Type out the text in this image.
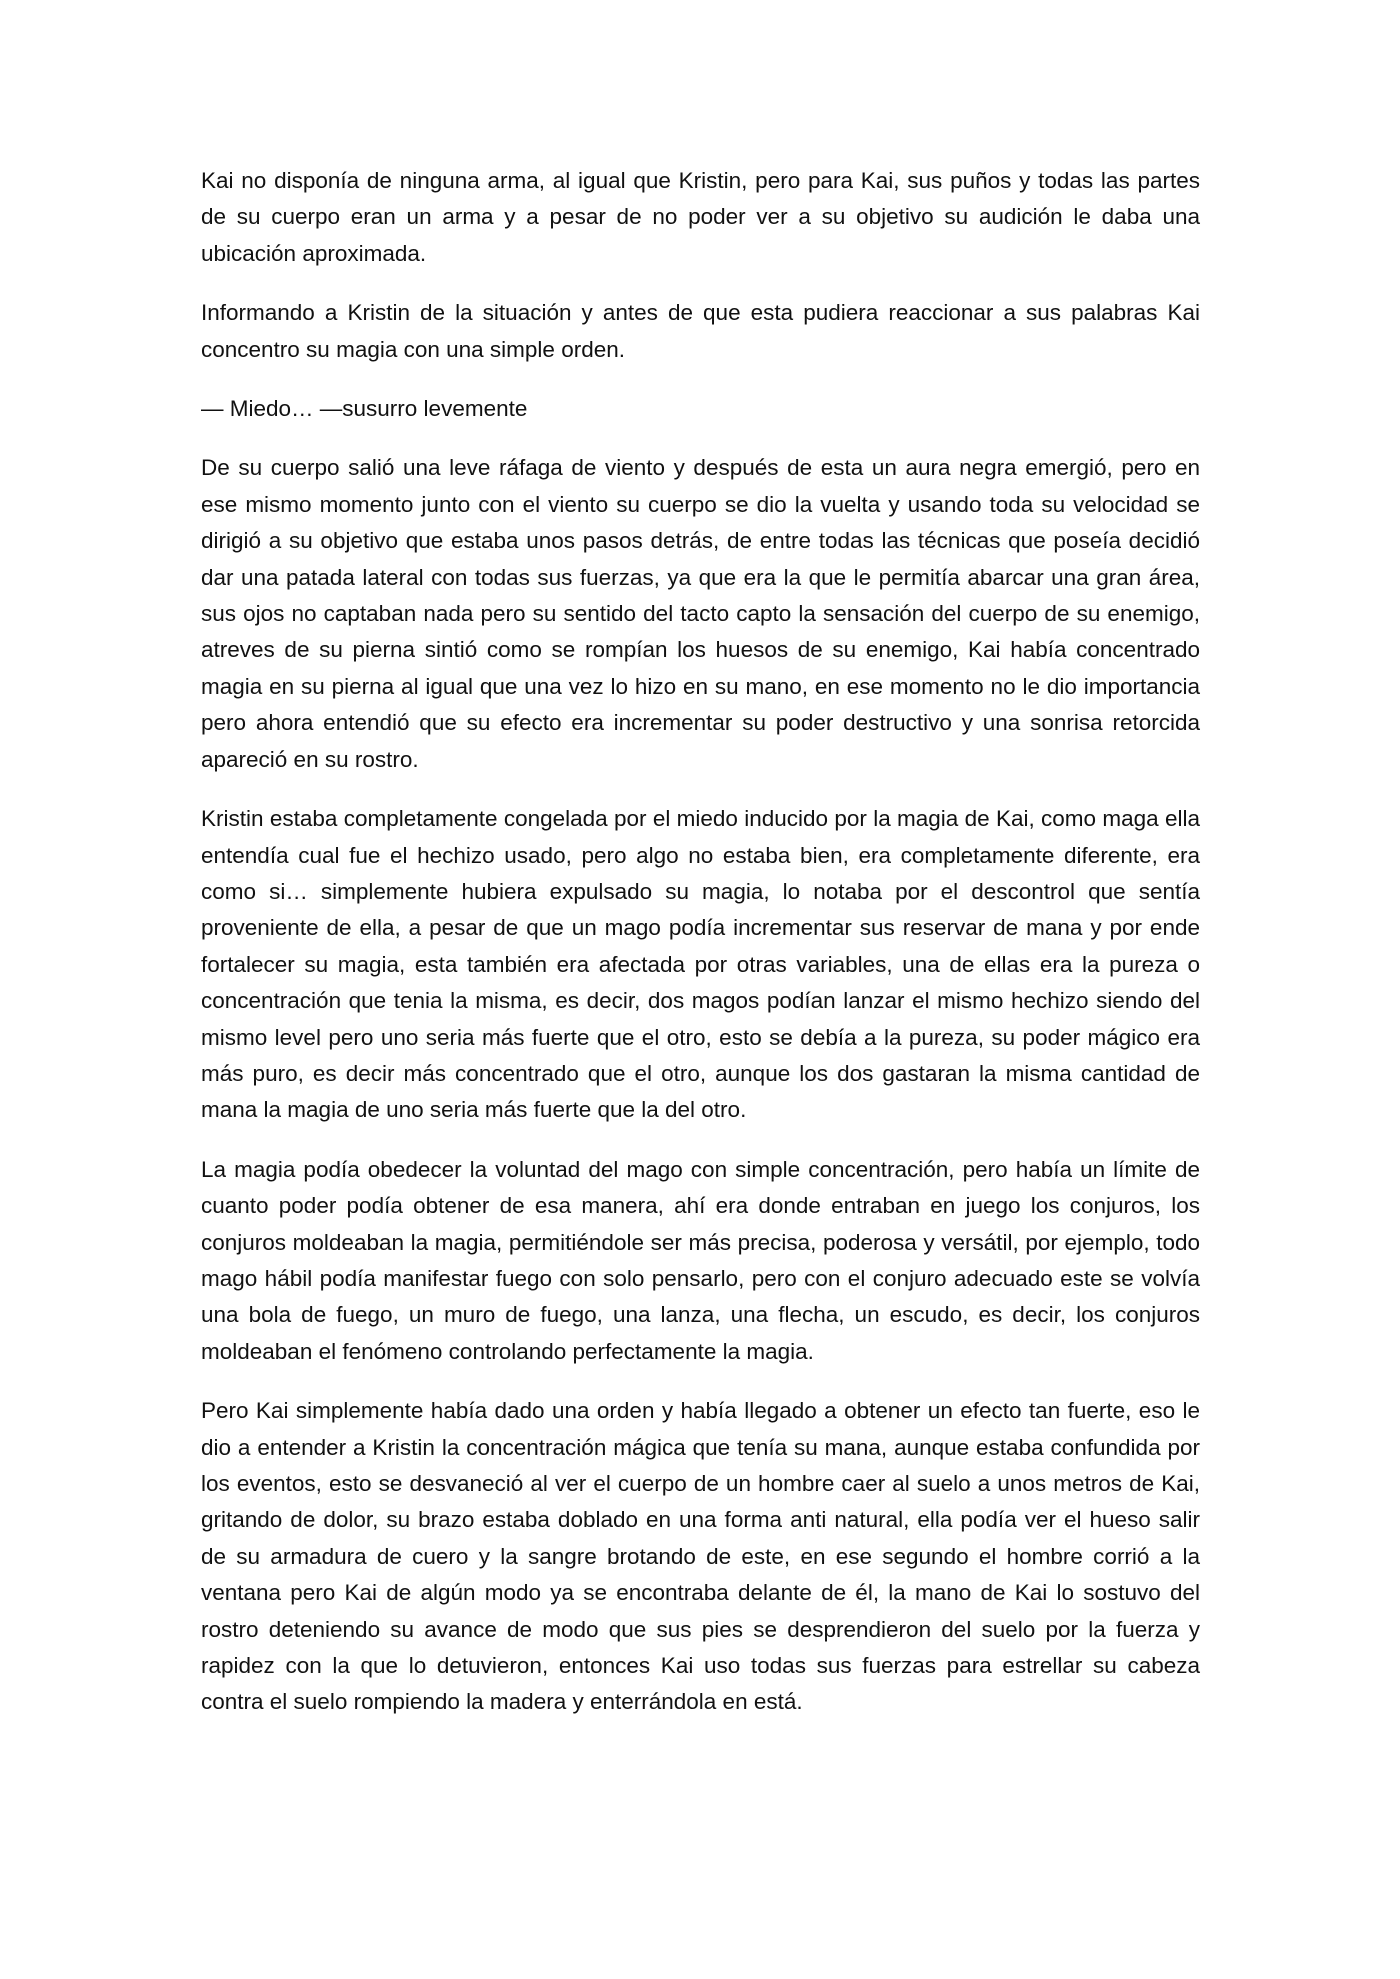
Kai no disponía de ninguna arma, al igual que Kristin, pero para Kai, sus puños y todas las partes de su cuerpo eran un arma y a pesar de no poder ver a su objetivo su audición le daba una ubicación aproximada.

Informando a Kristin de la situación y antes de que esta pudiera reaccionar a sus palabras Kai concentro su magia con una simple orden.

— Miedo… —susurro levemente

De su cuerpo salió una leve ráfaga de viento y después de esta un aura negra emergió, pero en ese mismo momento junto con el viento su cuerpo se dio la vuelta y usando toda su velocidad se dirigió a su objetivo que estaba unos pasos detrás, de entre todas las técnicas que poseía decidió dar una patada lateral con todas sus fuerzas, ya que era la que le permitía abarcar una gran área, sus ojos no captaban nada pero su sentido del tacto capto la sensación del cuerpo de su enemigo, atreves de su pierna sintió como se rompían los huesos de su enemigo, Kai había concentrado magia en su pierna al igual que una vez lo hizo en su mano, en ese momento no le dio importancia pero ahora entendió que su efecto era incrementar su poder destructivo y una sonrisa retorcida apareció en su rostro.

Kristin estaba completamente congelada por el miedo inducido por la magia de Kai, como maga ella entendía cual fue el hechizo usado, pero algo no estaba bien, era completamente diferente, era como si… simplemente hubiera expulsado su magia, lo notaba por el descontrol que sentía proveniente de ella, a pesar de que un mago podía incrementar sus reservar de mana y por ende fortalecer su magia, esta también era afectada por otras variables, una de ellas era la pureza o concentración que tenia la misma, es decir, dos magos podían lanzar el mismo hechizo siendo del mismo level pero uno seria más fuerte que el otro, esto se debía a la pureza, su poder mágico era más puro, es decir más concentrado que el otro, aunque los dos gastaran la misma cantidad de mana la magia de uno seria más fuerte que la del otro.

La magia podía obedecer la voluntad del mago con simple concentración, pero había un límite de cuanto poder podía obtener de esa manera, ahí era donde entraban en juego los conjuros, los conjuros moldeaban la magia, permitiéndole ser más precisa, poderosa y versátil, por ejemplo, todo mago hábil podía manifestar fuego con solo pensarlo, pero con el conjuro adecuado este se volvía una bola de fuego, un muro de fuego, una lanza, una flecha, un escudo, es decir, los conjuros moldeaban el fenómeno controlando perfectamente la magia.

Pero Kai simplemente había dado una orden y había llegado a obtener un efecto tan fuerte, eso le dio a entender a Kristin la concentración mágica que tenía su mana, aunque estaba confundida por los eventos, esto se desvaneció al ver el cuerpo de un hombre caer al suelo a unos metros de Kai, gritando de dolor, su brazo estaba doblado en una forma anti natural, ella podía ver el hueso salir de su armadura de cuero y la sangre brotando de este, en ese segundo el hombre corrió a la ventana pero Kai de algún modo ya se encontraba delante de él, la mano de Kai lo sostuvo del rostro deteniendo su avance de modo que sus pies se desprendieron del suelo por la fuerza y rapidez con la que lo detuvieron, entonces Kai uso todas sus fuerzas para estrellar su cabeza contra el suelo rompiendo la madera y enterrándola en está.
